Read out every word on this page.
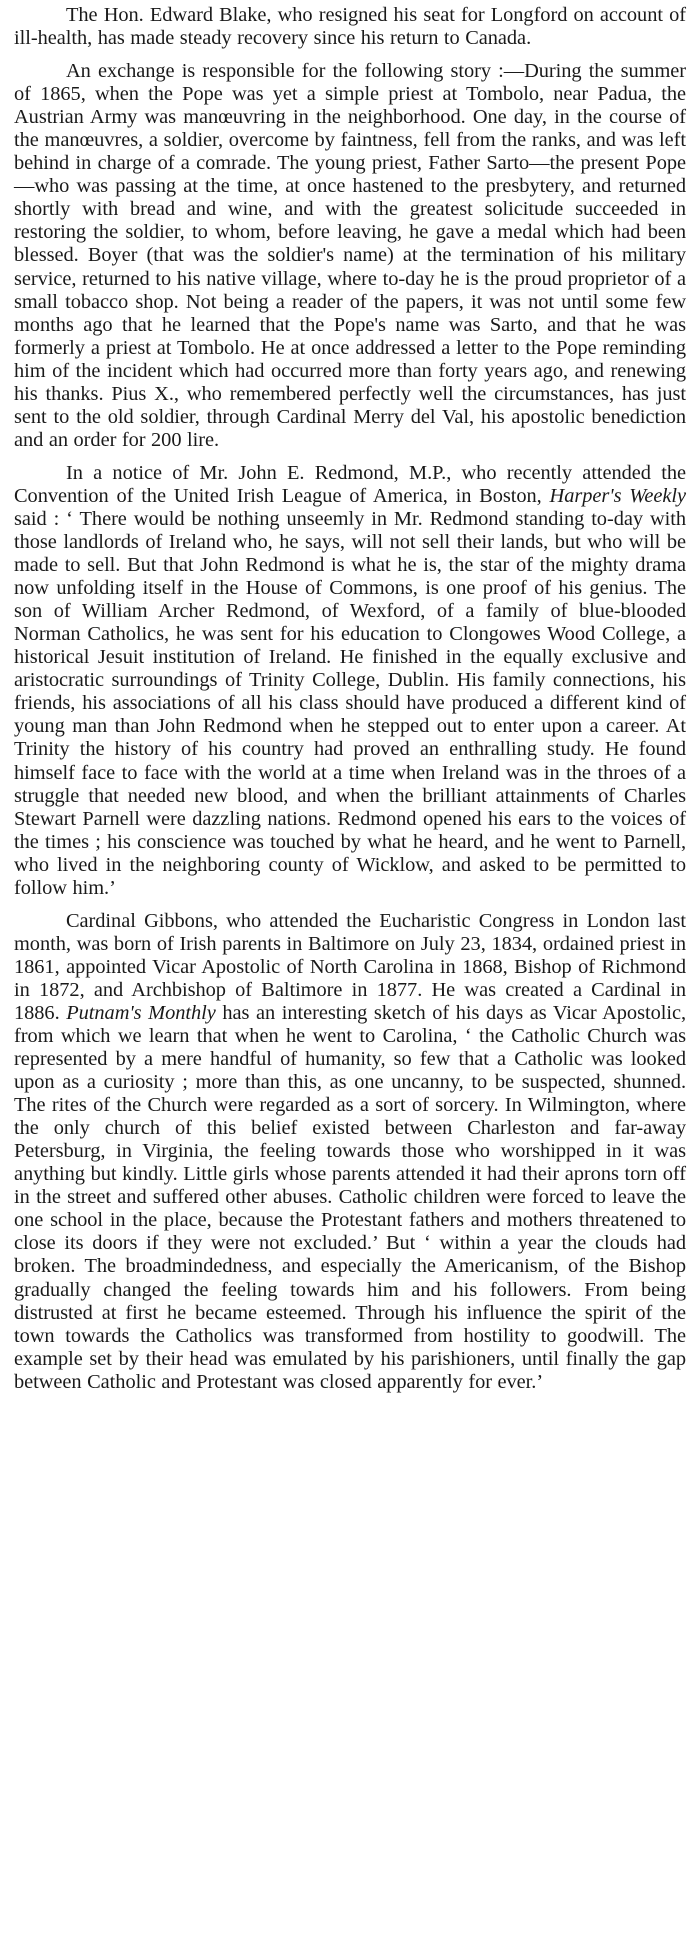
The Hon. Edward Blake, who resigned his seat for Longford on account of ill-health, has made steady recovery since his return to Canada.

An exchange is responsible for the following story :—During the summer of 1865, when the Pope was yet a simple priest at Tombolo, near Padua, the Austrian Army was manœuvring in the neighborhood. One day, in the course of the manœuvres, a soldier, overcome by faintness, fell from the ranks, and was left behind in charge of a comrade. The young priest, Father Sarto—the present Pope—who was passing at the time, at once hastened to the presbytery, and returned shortly with bread and wine, and with the greatest solicitude succeeded in restoring the soldier, to whom, before leaving, he gave a medal which had been blessed. Boyer (that was the soldier's name) at the termination of his military service, returned to his native village, where to-day he is the proud proprietor of a small tobacco shop. Not being a reader of the papers, it was not until some few months ago that he learned that the Pope's name was Sarto, and that he was formerly a priest at Tombolo. He at once addressed a letter to the Pope reminding him of the incident which had occurred more than forty years ago, and renewing his thanks. Pius X., who remembered perfectly well the circumstances, has just sent to the old soldier, through Cardinal Merry del Val, his apostolic benediction and an order for 200 lire.

In a notice of Mr. John E. Redmond, M.P., who recently attended the Convention of the United Irish League of America, in Boston, Harper's Weekly said : ‘ There would be nothing unseemly in Mr. Redmond standing to-day with those landlords of Ireland who, he says, will not sell their lands, but who will be made to sell. But that John Redmond is what he is, the star of the mighty drama now unfolding itself in the House of Commons, is one proof of his genius. The son of William Archer Redmond, of Wexford, of a family of blue-blooded Norman Catholics, he was sent for his education to Clongowes Wood College, a historical Jesuit institution of Ireland. He finished in the equally exclusive and aristocratic surroundings of Trinity College, Dublin. His family connections, his friends, his associations of all his class should have produced a different kind of young man than John Redmond when he stepped out to enter upon a career. At Trinity the history of his country had proved an enthralling study. He found himself face to face with the world at a time when Ireland was in the throes of a struggle that needed new blood, and when the brilliant attainments of Charles Stewart Parnell were dazzling nations. Redmond opened his ears to the voices of the times ; his conscience was touched by what he heard, and he went to Parnell, who lived in the neighboring county of Wicklow, and asked to be permitted to follow him.’

Cardinal Gibbons, who attended the Eucharistic Congress in London last month, was born of Irish parents in Baltimore on July 23, 1834, ordained priest in 1861, appointed Vicar Apostolic of North Carolina in 1868, Bishop of Richmond in 1872, and Archbishop of Baltimore in 1877. He was created a Cardinal in 1886. Putnam's Monthly has an interesting sketch of his days as Vicar Apostolic, from which we learn that when he went to Carolina, ‘ the Catholic Church was represented by a mere handful of humanity, so few that a Catholic was looked upon as a curiosity ; more than this, as one uncanny, to be suspected, shunned. The rites of the Church were regarded as a sort of sorcery. In Wilmington, where the only church of this belief existed between Charleston and far-away Petersburg, in Virginia, the feeling towards those who worshipped in it was anything but kindly. Little girls whose parents attended it had their aprons torn off in the street and suffered other abuses. Catholic children were forced to leave the one school in the place, because the Protestant fathers and mothers threatened to close its doors if they were not excluded.’ But ‘ within a year the clouds had broken. The broadmindedness, and especially the Americanism, of the Bishop gradually changed the feeling towards him and his followers. From being distrusted at first he became esteemed. Through his influence the spirit of the town towards the Catholics was transformed from hostility to goodwill. The example set by their head was emulated by his parishioners, until finally the gap between Catholic and Protestant was closed apparently for ever.’
